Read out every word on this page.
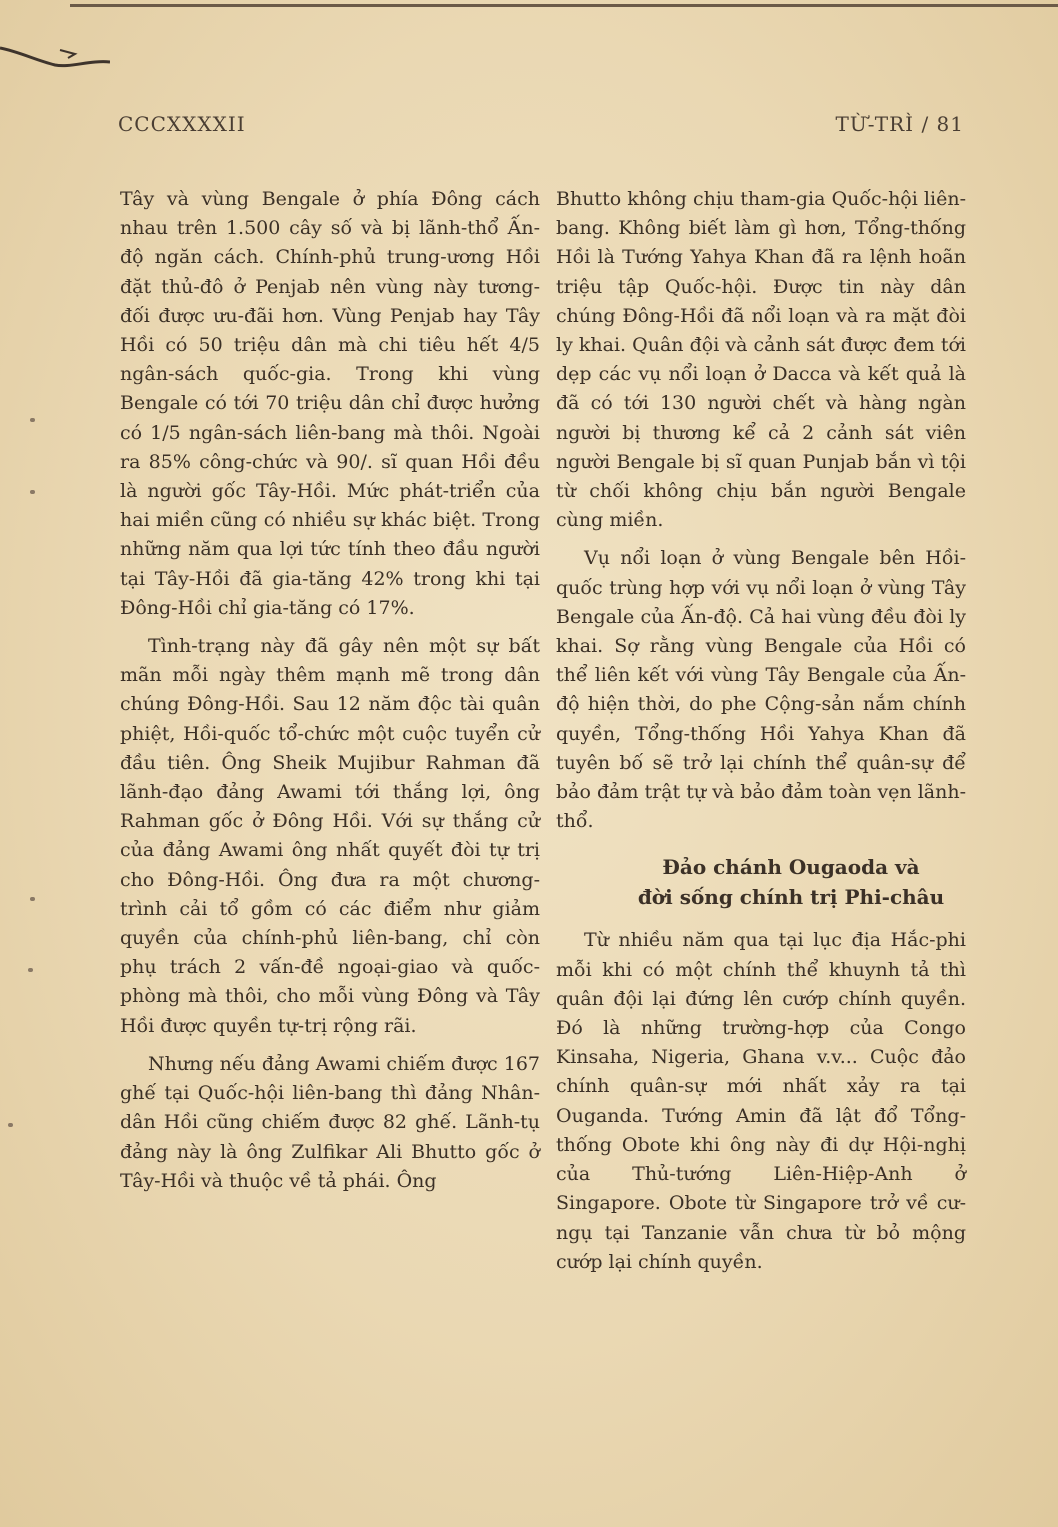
CCCXXXXII	TỪ-TRÌ / 81

Tây và vùng Bengale ở phía Đông cách nhau trên 1.500 cây số và bị lãnh-thổ Ấn-độ ngăn cách. Chính-phủ trung-ương Hồi đặt thủ-đô ở Penjab nên vùng này tương-đối được ưu-đãi hơn. Vùng Penjab hay Tây Hồi có 50 triệu dân mà chi tiêu hết 4/5 ngân-sách quốc-gia. Trong khi vùng Bengale có tới 70 triệu dân chỉ được hưởng có 1/5 ngân-sách liên-bang mà thôi. Ngoài ra 85% công-chức và 90/. sĩ quan Hồi đều là người gốc Tây-Hồi. Mức phát-triển của hai miền cũng có nhiều sự khác biệt. Trong những năm qua lợi tức tính theo đầu người tại Tây-Hồi đã gia-tăng 42% trong khi tại Đông-Hồi chỉ gia-tăng có 17%.

Tình-trạng này đã gây nên một sự bất mãn mỗi ngày thêm mạnh mẽ trong dân chúng Đông-Hồi. Sau 12 năm độc tài quân phiệt, Hồi-quốc tổ-chức một cuộc tuyển cử đầu tiên. Ông Sheik Mujibur Rahman đã lãnh-đạo đảng Awami tới thắng lợi, ông Rahman gốc ở Đông Hồi. Với sự thắng cử của đảng Awami ông nhất quyết đòi tự trị cho Đông-Hồi. Ông đưa ra một chương-trình cải tổ gồm có các điểm như giảm quyền của chính-phủ liên-bang, chỉ còn phụ trách 2 vấn-đề ngoại-giao và quốc-phòng mà thôi, cho mỗi vùng Đông và Tây Hồi được quyền tự-trị rộng rãi.

Nhưng nếu đảng Awami chiếm được 167 ghế tại Quốc-hội liên-bang thì đảng Nhân-dân Hồi cũng chiếm được 82 ghế. Lãnh-tụ đảng này là ông Zulfikar Ali Bhutto gốc ở Tây-Hồi và thuộc về tả phái. Ông

Bhutto không chịu tham-gia Quốc-hội liên-bang. Không biết làm gì hơn, Tổng-thống Hồi là Tướng Yahya Khan đã ra lệnh hoãn triệu tập Quốc-hội. Được tin này dân chúng Đông-Hồi đã nổi loạn và ra mặt đòi ly khai. Quân đội và cảnh sát được đem tới dẹp các vụ nổi loạn ở Dacca và kết quả là đã có tới 130 người chết và hàng ngàn người bị thương kể cả 2 cảnh sát viên người Bengale bị sĩ quan Punjab bắn vì tội từ chối không chịu bắn người Bengale cùng miền.

Vụ nổi loạn ở vùng Bengale bên Hồi-quốc trùng hợp với vụ nổi loạn ở vùng Tây Bengale của Ấn-độ. Cả hai vùng đều đòi ly khai. Sợ rằng vùng Bengale của Hồi có thể liên kết với vùng Tây Bengale của Ấn-độ hiện thời, do phe Cộng-sản nắm chính quyền, Tổng-thống Hồi Yahya Khan đã tuyên bố sẽ trở lại chính thể quân-sự để bảo đảm trật tự và bảo đảm toàn vẹn lãnh-thổ.

Đảo chánh Ougaoda và
đời sống chính trị Phi-châu

Từ nhiều năm qua tại lục địa Hắc-phi mỗi khi có một chính thể khuynh tả thì quân đội lại đứng lên cướp chính quyền. Đó là những trường-hợp của Congo Kinsaha, Nigeria, Ghana v.v... Cuộc đảo chính quân-sự mới nhất xảy ra tại Ouganda. Tướng Amin đã lật đổ Tổng-thống Obote khi ông này đi dự Hội-nghị của Thủ-tướng Liên-Hiệp-Anh ở Singapore. Obote từ Singapore trở về cư-ngụ tại Tanzanie vẫn chưa từ bỏ mộng cướp lại chính quyền.
